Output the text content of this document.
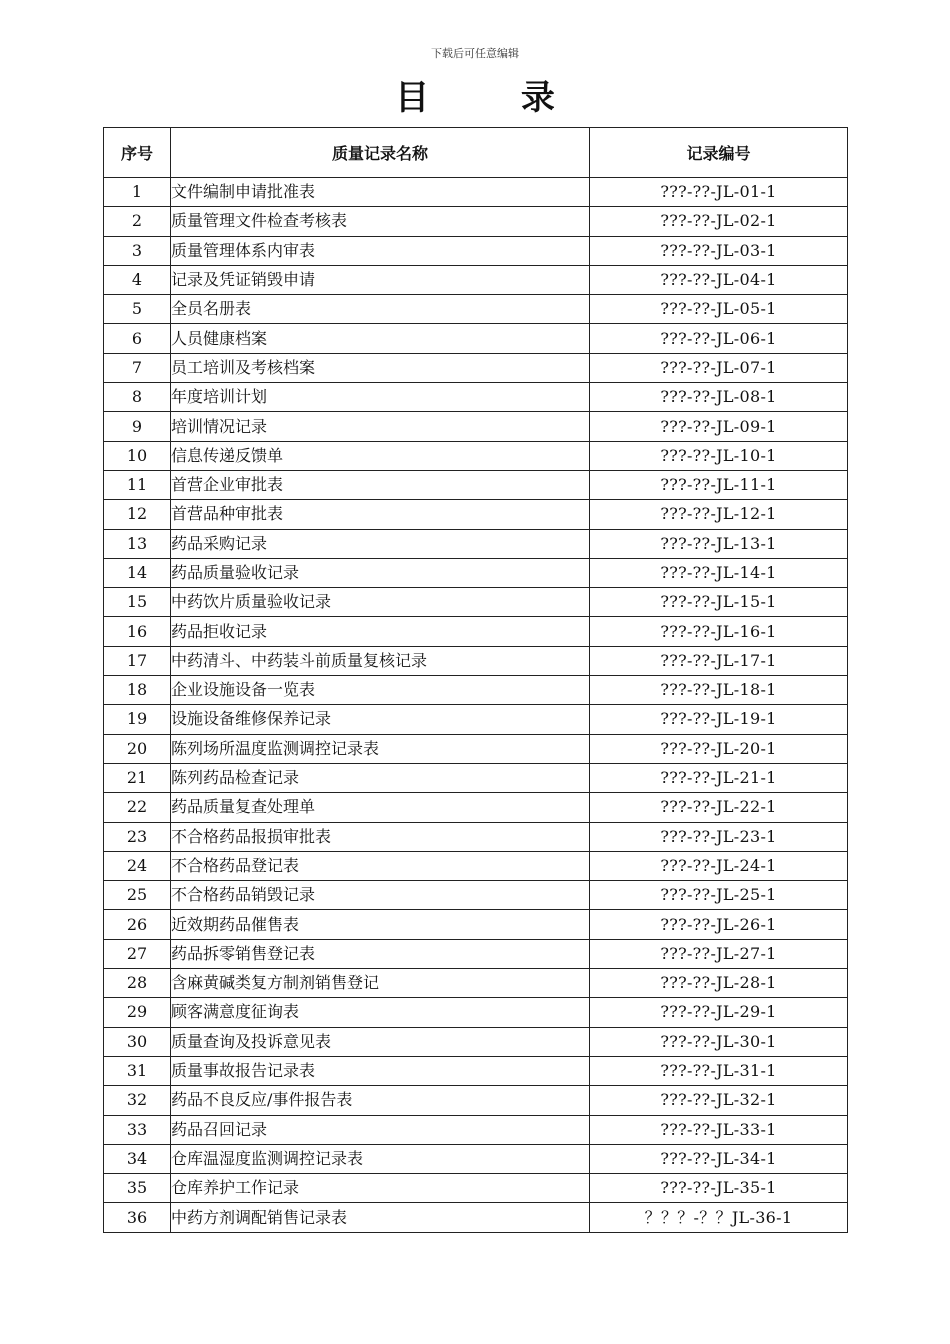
下载后可任意编辑
目 录
序号	质量记录名称	记录编号
1	文件编制申请批准表	???-??-JL-01-1
2	质量管理文件检查考核表	???-??-JL-02-1
3	质量管理体系内审表	???-??-JL-03-1
4	记录及凭证销毁申请	???-??-JL-04-1
5	全员名册表	???-??-JL-05-1
6	人员健康档案	???-??-JL-06-1
7	员工培训及考核档案	???-??-JL-07-1
8	年度培训计划	???-??-JL-08-1
9	培训情况记录	???-??-JL-09-1
10	信息传递反馈单	???-??-JL-10-1
11	首营企业审批表	???-??-JL-11-1
12	首营品种审批表	???-??-JL-12-1
13	药品采购记录	???-??-JL-13-1
14	药品质量验收记录	???-??-JL-14-1
15	中药饮片质量验收记录	???-??-JL-15-1
16	药品拒收记录	???-??-JL-16-1
17	中药清斗、中药装斗前质量复核记录	???-??-JL-17-1
18	企业设施设备一览表	???-??-JL-18-1
19	设施设备维修保养记录	???-??-JL-19-1
20	陈列场所温度监测调控记录表	???-??-JL-20-1
21	陈列药品检查记录	???-??-JL-21-1
22	药品质量复查处理单	???-??-JL-22-1
23	不合格药品报损审批表	???-??-JL-23-1
24	不合格药品登记表	???-??-JL-24-1
25	不合格药品销毁记录	???-??-JL-25-1
26	近效期药品催售表	???-??-JL-26-1
27	药品拆零销售登记表	???-??-JL-27-1
28	含麻黄碱类复方制剂销售登记	???-??-JL-28-1
29	顾客满意度征询表	???-??-JL-29-1
30	质量查询及投诉意见表	???-??-JL-30-1
31	质量事故报告记录表	???-??-JL-31-1
32	药品不良反应/事件报告表	???-??-JL-32-1
33	药品召回记录	???-??-JL-33-1
34	仓库温湿度监测调控记录表	???-??-JL-34-1
35	仓库养护工作记录	???-??-JL-35-1
36	中药方剂调配销售记录表	？？？-？？JL-36-1
